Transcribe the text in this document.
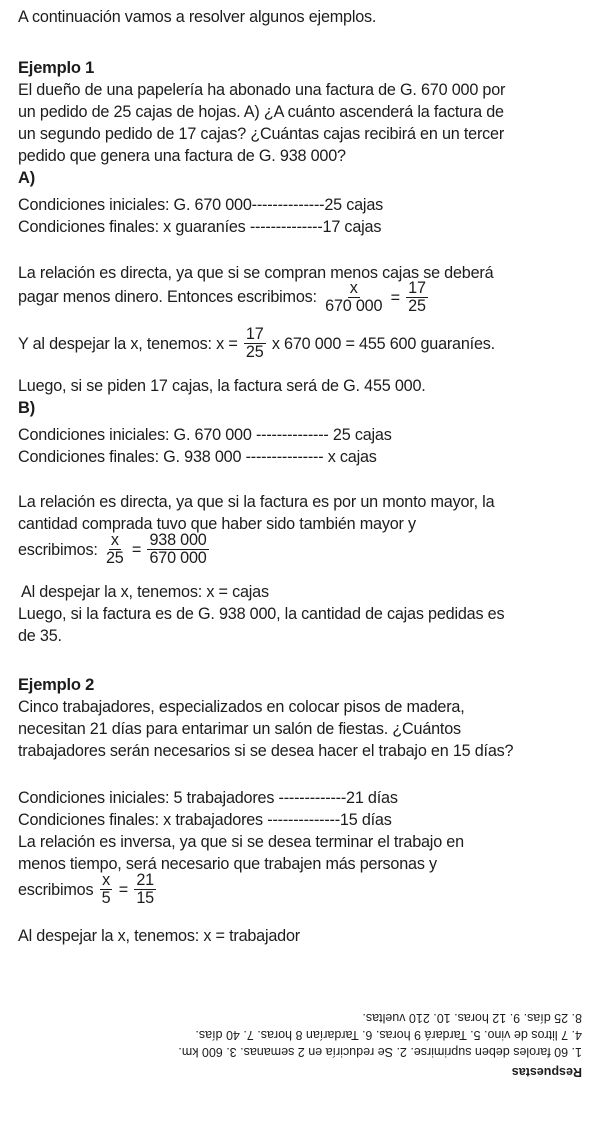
A continuación vamos a resolver algunos ejemplos.
Ejemplo 1
El dueño de una papelería ha abonado una factura de G. 670 000 por
un pedido de 25 cajas de hojas. A) ¿A cuánto ascenderá la factura de
un segundo pedido de 17 cajas? ¿Cuántas cajas recibirá en un tercer
pedido que genera una factura de G. 938 000?
A)
Condiciones iniciales: G. 670 000--------------25 cajas
Condiciones finales: x guaraníes --------------17 cajas
La relación es directa, ya que si se compran menos cajas se deberá
pagar menos dinero. Entonces escribimos: $\frac{x}{670 000} = \frac{17}{25}$
Y al despejar la x, tenemos: $x = \frac{17}{25}$ x 670 000 = 455 600 guaraníes.
Luego, si se piden 17 cajas, la factura será de G. 455 000.
B)
Condiciones iniciales: G. 670 000 -------------- 25 cajas
Condiciones finales: G. 938 000 --------------- x cajas
La relación es directa, ya que si la factura es por un monto mayor, la
cantidad comprada tuvo que haber sido también mayor y
escribimos: $\frac{x}{25} = \frac{938 000}{670 000}$
Al despejar la x, tenemos: x = cajas
Luego, si la factura es de G. 938 000, la cantidad de cajas pedidas es
de 35.
Ejemplo 2
Cinco trabajadores, especializados en colocar pisos de madera,
necesitan 21 días para entarimar un salón de fiestas. ¿Cuántos
trabajadores serán necesarios si se desea hacer el trabajo en 15 días?
Condiciones iniciales: 5 trabajadores -------------21 días
Condiciones finales: x trabajadores --------------15 días
La relación es inversa, ya que si se desea terminar el trabajo en
menos tiempo, será necesario que trabajen más personas y
escribimos $\frac{x}{5} = \frac{21}{15}$
Al despejar la x, tenemos: x = trabajador
Respuestas
1. 60 faroles deben suprimirse. 2. Se reduciría en 2 semanas. 3. 600 km.
4. 7 litros de vino. 5. Tardará 9 horas. 6. Tardarían 8 horas. 7. 40 días.
8. 25 días. 9. 12 horas. 10. 210 vueltas.
